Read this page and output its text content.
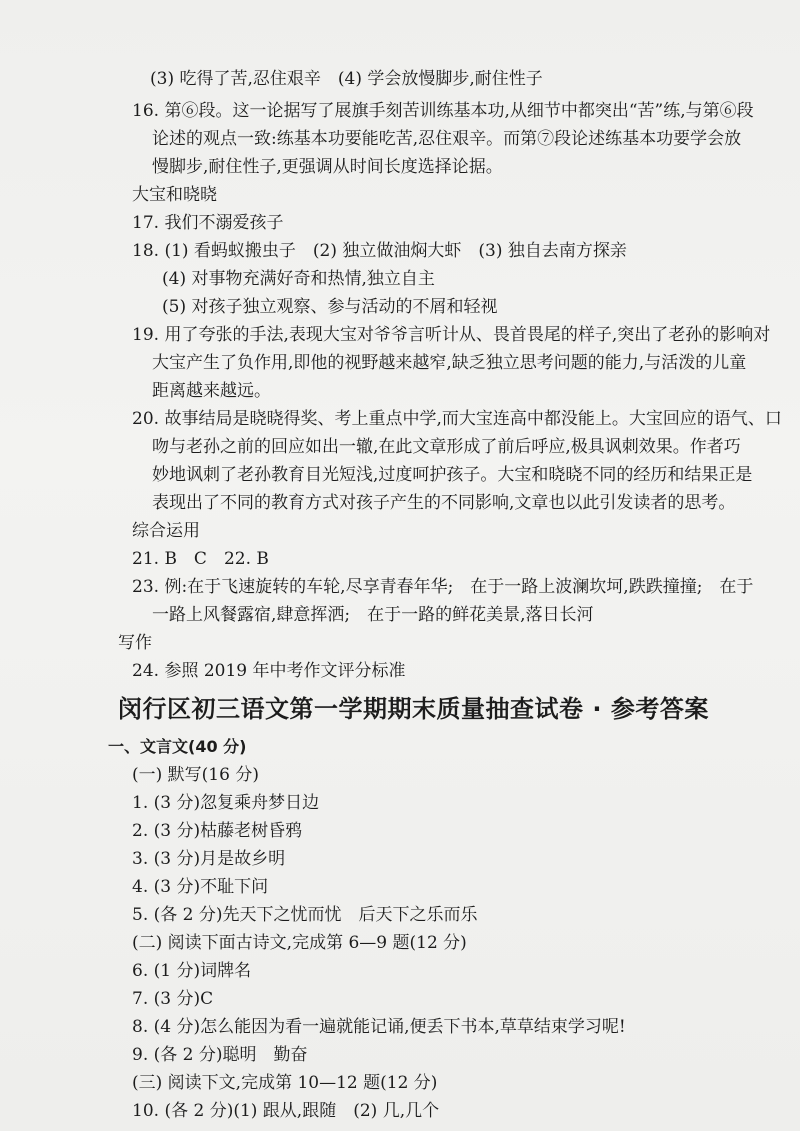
(3) 吃得了苦,忍住艰辛　(4) 学会放慢脚步,耐住性子
16. 第⑥段。这一论据写了展旗手刻苦训练基本功,从细节中都突出“苦”练,与第⑥段
论述的观点一致:练基本功要能吃苦,忍住艰辛。而第⑦段论述练基本功要学会放
慢脚步,耐住性子,更强调从时间长度选择论据。
大宝和晓晓
17. 我们不溺爱孩子
18. (1) 看蚂蚁搬虫子　(2) 独立做油焖大虾　(3) 独自去南方探亲
(4) 对事物充满好奇和热情,独立自主
(5) 对孩子独立观察、参与活动的不屑和轻视
19. 用了夸张的手法,表现大宝对爷爷言听计从、畏首畏尾的样子,突出了老孙的影响对
大宝产生了负作用,即他的视野越来越窄,缺乏独立思考问题的能力,与活泼的儿童
距离越来越远。
20. 故事结局是晓晓得奖、考上重点中学,而大宝连高中都没能上。大宝回应的语气、口
吻与老孙之前的回应如出一辙,在此文章形成了前后呼应,极具讽刺效果。作者巧
妙地讽刺了老孙教育目光短浅,过度呵护孩子。大宝和晓晓不同的经历和结果正是
表现出了不同的教育方式对孩子产生的不同影响,文章也以此引发读者的思考。
综合运用
21. B　C　22. B
23. 例:在于飞速旋转的车轮,尽享青春年华;　在于一路上波澜坎坷,跌跌撞撞;　在于
一路上风餐露宿,肆意挥洒;　在于一路的鲜花美景,落日长河
写作
24. 参照 2019 年中考作文评分标准
闵行区初三语文第一学期期末质量抽查试卷 · 参考答案
一、文言文(40 分)
(一) 默写(16 分)
1. (3 分)忽复乘舟梦日边
2. (3 分)枯藤老树昏鸦
3. (3 分)月是故乡明
4. (3 分)不耻下问
5. (各 2 分)先天下之忧而忧　后天下之乐而乐
(二) 阅读下面古诗文,完成第 6—9 题(12 分)
6. (1 分)词牌名
7. (3 分)C
8. (4 分)怎么能因为看一遍就能记诵,便丢下书本,草草结束学习呢!
9. (各 2 分)聪明　勤奋
(三) 阅读下文,完成第 10—12 题(12 分)
10. (各 2 分)(1) 跟从,跟随　(2) 几,几个
